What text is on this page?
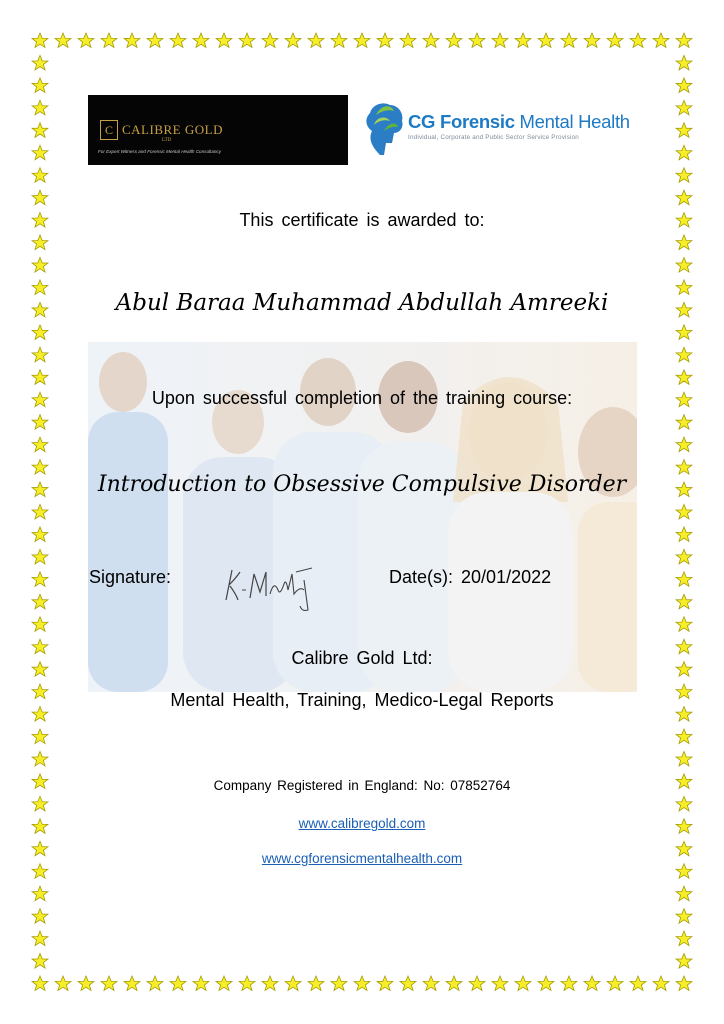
C CALIBRE GOLD
LTD
For Expert Witness and Forensic Mental Health Consultancy
CG Forensic Mental Health
Individual, Corporate and Public Sector Service Provision
This certificate is awarded to:
Abul Baraa Muhammad Abdullah Amreeki
Upon successful completion of the training course:
Introduction to Obsessive Compulsive Disorder
Signature:	Date(s): 20/01/2022
Calibre Gold Ltd:
Mental Health, Training, Medico-Legal Reports
Company Registered in England: No: 07852764
www.calibregold.com
www.cgforensicmentalhealth.com
